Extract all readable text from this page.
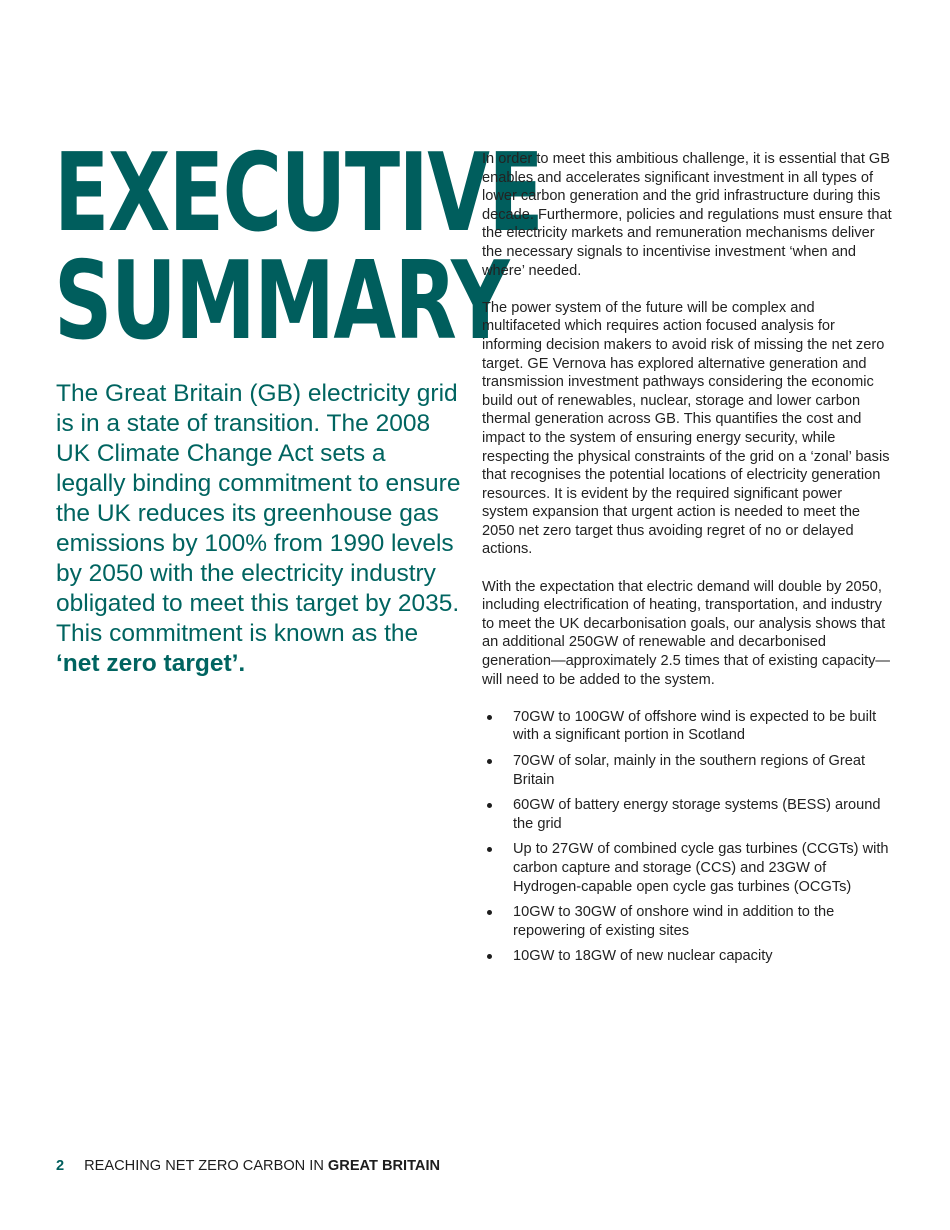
EXECUTIVE
SUMMARY

The Great Britain (GB) electricity grid is in a state of transition. The 2008 UK Climate Change Act sets a legally binding commitment to ensure the UK reduces its greenhouse gas emissions by 100% from 1990 levels by 2050 with the electricity industry obligated to meet this target by 2035. This commitment is known as the ‘net zero target’.

In order to meet this ambitious challenge, it is essential that GB enables and accelerates significant investment in all types of lower carbon generation and the grid infrastructure during this decade. Furthermore, policies and regulations must ensure that the electricity markets and remuneration mechanisms deliver the necessary signals to incentivise investment ‘when and where’ needed.

The power system of the future will be complex and multifaceted which requires action focused analysis for informing decision makers to avoid risk of missing the net zero target. GE Vernova has explored alternative generation and transmission investment pathways considering the economic build out of renewables, nuclear, storage and lower carbon thermal generation across GB. This quantifies the cost and impact to the system of ensuring energy security, while respecting the physical constraints of the grid on a ‘zonal’ basis that recognises the potential locations of electricity generation resources. It is evident by the required significant power system expansion that urgent action is needed to meet the 2050 net zero target thus avoiding regret of no or delayed actions.

With the expectation that electric demand will double by 2050, including electrification of heating, transportation, and industry to meet the UK decarbonisation goals, our analysis shows that an additional 250GW of renewable and decarbonised generation—approximately 2.5 times that of existing capacity—will need to be added to the system.

70GW to 100GW of offshore wind is expected to be built with a significant portion in Scotland
70GW of solar, mainly in the southern regions of Great Britain
60GW of battery energy storage systems (BESS) around the grid
Up to 27GW of combined cycle gas turbines (CCGTs) with carbon capture and storage (CCS) and 23GW of Hydrogen-capable open cycle gas turbines (OCGTs)
10GW to 30GW of onshore wind in addition to the repowering of existing sites
10GW to 18GW of new nuclear capacity
2 REACHING NET ZERO CARBON IN GREAT BRITAIN
